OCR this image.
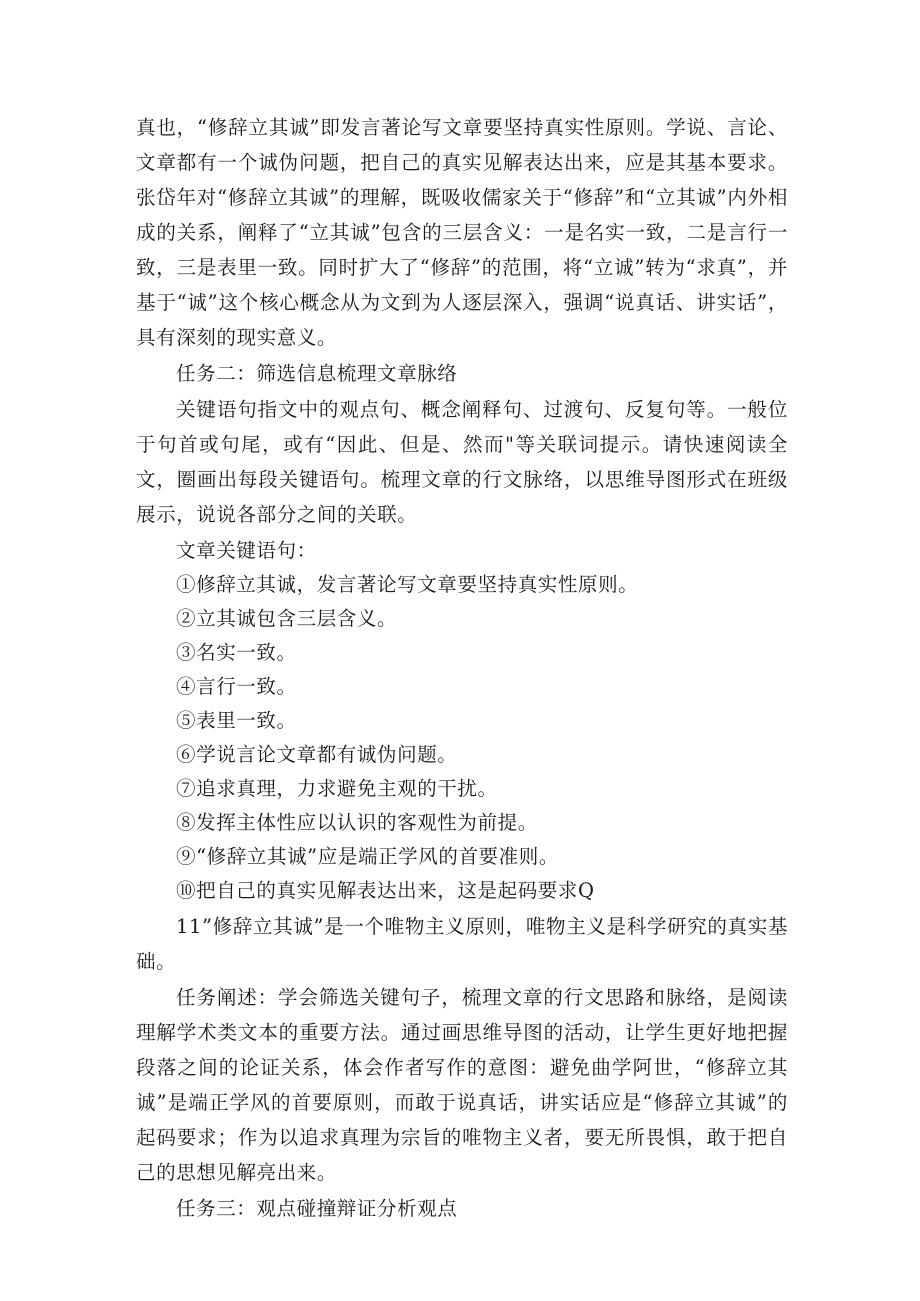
真也，“修辞立其诚”即发言著论写文章要坚持真实性原则。学说、言论、文章都有一个诚伪问题，把自己的真实见解表达出来，应是其基本要求。张岱年对“修辞立其诚”的理解，既吸收儒家关于“修辞”和“立其诚”内外相成的关系，阐释了“立其诚”包含的三层含义：一是名实一致，二是言行一致，三是表里一致。同时扩大了“修辞”的范围，将“立诚”转为“求真”，并基于“诚”这个核心概念从为文到为人逐层深入，强调“说真话、讲实话”，具有深刻的现实意义。

任务二：筛选信息梳理文章脉络

关键语句指文中的观点句、概念阐释句、过渡句、反复句等。一般位于句首或句尾，或有“因此、但是、然而"等关联词提示。请快速阅读全文，圈画出每段关键语句。梳理文章的行文脉络，以思维导图形式在班级展示，说说各部分之间的关联。

文章关键语句：

①修辞立其诚，发言著论写文章要坚持真实性原则。

②立其诚包含三层含义。

③名实一致。

④言行一致。

⑤表里一致。

⑥学说言论文章都有诚伪问题。

⑦追求真理，力求避免主观的干扰。

⑧发挥主体性应以认识的客观性为前提。

⑨“修辞立其诚”应是端正学风的首要准则。

⑩把自己的真实见解表达出来，这是起码要求Q

11”修辞立其诚”是一个唯物主义原则，唯物主义是科学研究的真实基础。

任务阐述：学会筛选关键句子，梳理文章的行文思路和脉络，是阅读理解学术类文本的重要方法。通过画思维导图的活动，让学生更好地把握段落之间的论证关系，体会作者写作的意图：避免曲学阿世，“修辞立其诚”是端正学风的首要原则，而敢于说真话，讲实话应是“修辞立其诚”的起码要求；作为以追求真理为宗旨的唯物主义者，要无所畏惧，敢于把自己的思想见解亮出来。

任务三：观点碰撞辩证分析观点
